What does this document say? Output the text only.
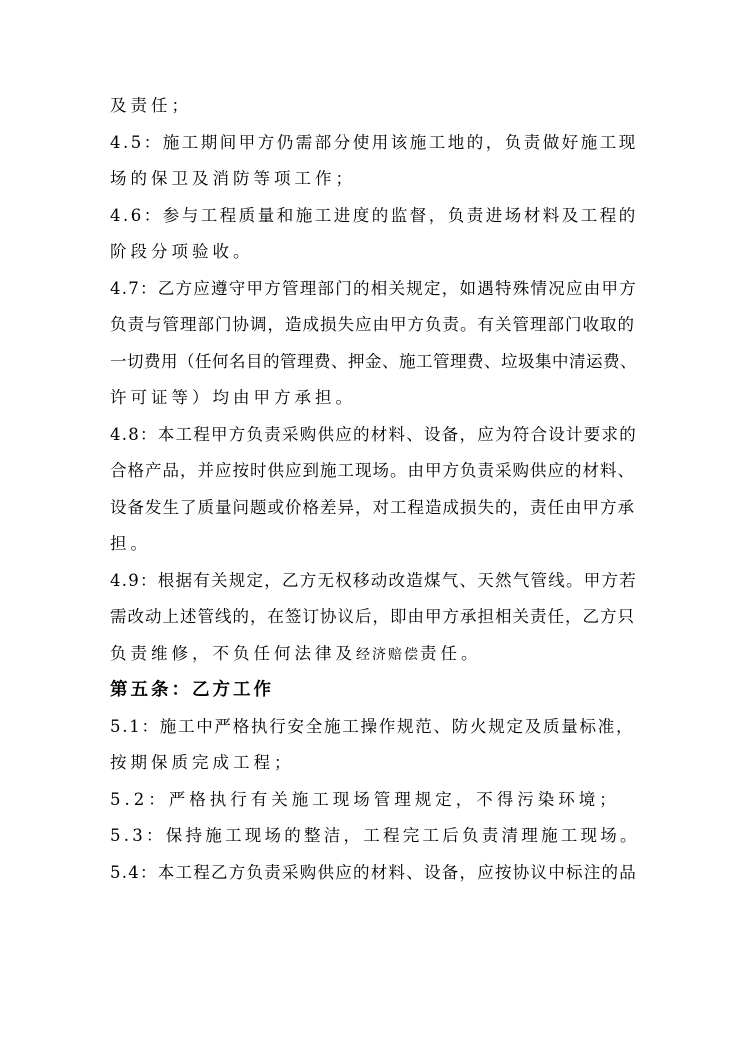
及责任；
4.5：施工期间甲方仍需部分使用该施工地的，负责做好施工现
场的保卫及消防等项工作；
4.6：参与工程质量和施工进度的监督，负责进场材料及工程的
阶段分项验收。
4.7：乙方应遵守甲方管理部门的相关规定，如遇特殊情况应由甲方
负责与管理部门协调，造成损失应由甲方负责。有关管理部门收取的
一切费用（任何名目的管理费、押金、施工管理费、垃圾集中清运费、
许可证等）均由甲方承担。
4.8：本工程甲方负责采购供应的材料、设备，应为符合设计要求的
合格产品，并应按时供应到施工现场。由甲方负责采购供应的材料、
设备发生了质量问题或价格差异，对工程造成损失的，责任由甲方承
担。
4.9：根据有关规定，乙方无权移动改造煤气、天然气管线。甲方若
需改动上述管线的，在签订协议后，即由甲方承担相关责任，乙方只
负责维修，不负任何法律及经济赔偿责任。
第五条：乙方工作
5.1：施工中严格执行安全施工操作规范、防火规定及质量标准，
按期保质完成工程；
5.2：严格执行有关施工现场管理规定，不得污染环境；
5.3：保持施工现场的整洁，工程完工后负责清理施工现场。
5.4：本工程乙方负责采购供应的材料、设备，应按协议中标注的品
